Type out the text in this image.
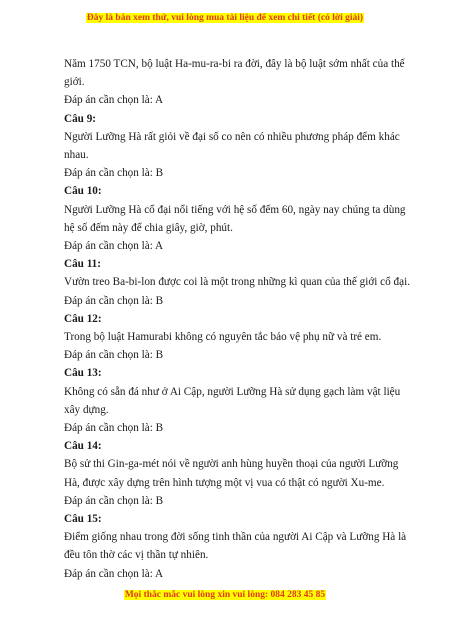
Đây là bản xem thử, vui lòng mua tài liệu để xem chi tiết (có lời giải)

Năm 1750 TCN, bộ luật Ha-mu-ra-bi ra đời, đây là bộ luật sớm nhất của thế giới.

Đáp án cần chọn là: A

Câu 9:

Người Lưỡng Hà rất giỏi về đại số co nên có nhiều phương pháp đếm khác nhau.

Đáp án cần chọn là: B

Câu 10:

Người Lưỡng Hà cổ đại nổi tiếng với hệ số đếm 60, ngày nay chúng ta dùng hệ số đếm này để chia giây, giờ, phút.

Đáp án cần chọn là: A

Câu 11:

Vườn treo Ba-bi-lon được coi là một trong những kì quan của thế giới cổ đại.

Đáp án cần chọn là: B

Câu 12:

Trong bộ luật Hamurabi không có nguyên tắc bảo vệ phụ nữ và trẻ em.

Đáp án cần chọn là: B

Câu 13:

Không có sẵn đá như ở Ai Cập, người Lưỡng Hà sử dụng gạch làm vật liệu xây dựng.

Đáp án cần chọn là: B

Câu 14:

Bộ sử thi Gin-ga-mét nói về người anh hùng huyền thoại của người Lưỡng Hà, được xây dựng trên hình tượng một vị vua có thật có người Xu-me.

Đáp án cần chọn là: B

Câu 15:

Điểm giống nhau trong đời sống tinh thần của người Ai Cập và Lưỡng Hà là đều tôn thờ các vị thần tự nhiên.

Đáp án cần chọn là: A

Mọi thắc mắc vui lòng xin vui lòng: 084 283 45 85
